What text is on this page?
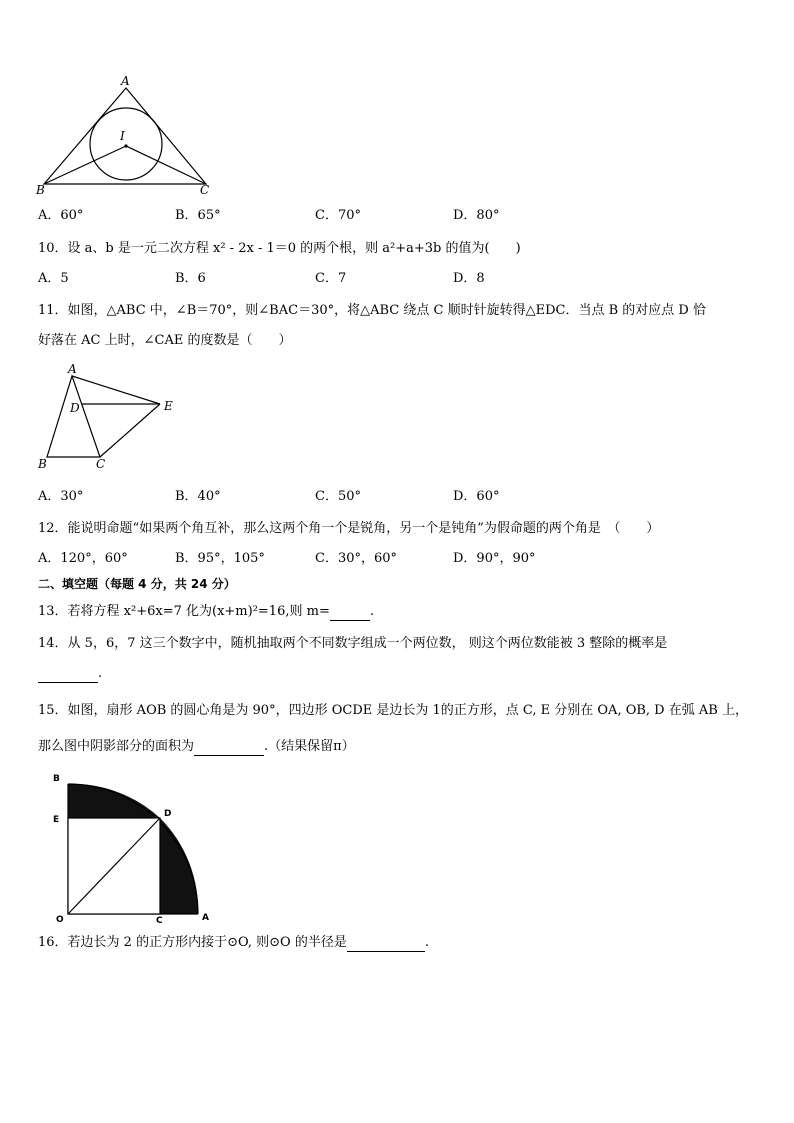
A
I
B	C
A．60°	B．65°	C．70°	D．80°
10．设 a、b 是一元二次方程 x² - 2x - 1＝0 的两个根，则 a²+a+3b 的值为(　　)
A．5	B．6	C．7	D．8
11．如图，△ABC 中，∠B＝70°，则∠BAC＝30°，将△ABC 绕点 C 顺时针旋转得△EDC．当点 B 的对应点 D 恰
好落在 AC 上时，∠CAE 的度数是（　　）
A
D	E
B	C
A．30°	B．40°	C．50°	D．60°
12．能说明命题“如果两个角互补，那么这两个角一个是锐角，另一个是钝角”为假命题的两个角是　（　　）
A．120°，60°	B．95°，105°	C．30°，60°	D．90°，90°
二、填空题（每题 4 分，共 24 分）
13．若将方程 x²+6x=7 化为(x+m)²=16,则 m=	.
14．从 5，6，7 这三个数字中，随机抽取两个不同数字组成一个两位数， 则这个两位数能被 3 整除的概率是
.
15．如图，扇形 AOB 的圆心角是为 90°，四边形 OCDE 是边长为 1的正方形，点 C, E 分别在 OA, OB, D 在弧 AB 上，
那么图中阴影部分的面积为	.（结果保留π）
B
D
E
O	C	A
16．若边长为 2 的正方形内接于⊙O, 则⊙O 的半径是	.
